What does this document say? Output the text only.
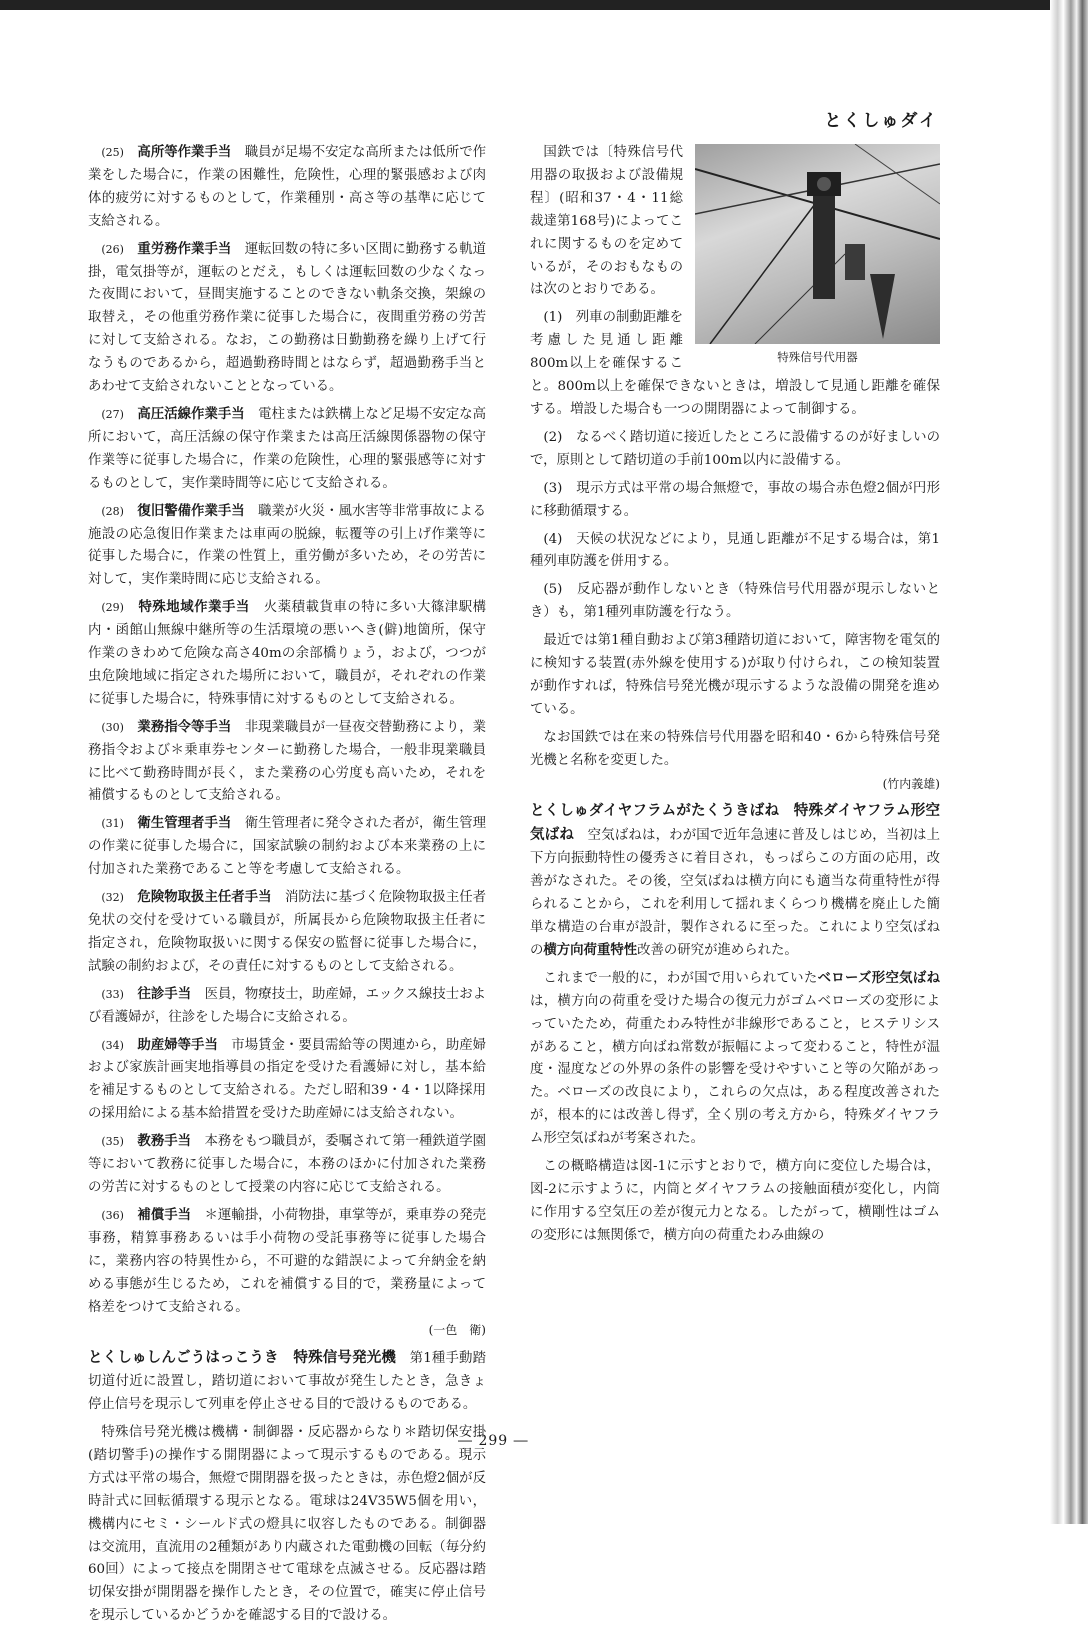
とくしゅダイ

(25)　 高所等作業手当　 職員が足場不安定な高所または低所で作業をした場合に，作業の困難性，危険性，心理的緊張感および肉体的疲労に対するものとして，作業種別・高さ等の基準に応じて支給される。

(26)　 重労務作業手当　 運転回数の特に多い区間に勤務する軌道掛，電気掛等が，運転のとだえ，もしくは運転回数の少なくなった夜間において，昼間実施することのできない軌条交換，架線の取替え，その他重労務作業に従事した場合に，夜間重労務の労苦に対して支給される。なお，この勤務は日勤勤務を繰り上げて行なうものであるから，超過勤務時間とはならず，超過勤務手当とあわせて支給されないこととなっている。

(27)　 高圧活線作業手当　 電柱または鉄構上など足場不安定な高所において，高圧活線の保守作業または高圧活線関係器物の保守作業等に従事した場合に，作業の危険性，心理的緊張感等に対するものとして，実作業時間等に応じて支給される。

(28)　 復旧警備作業手当　 職業が火災・風水害等非常事故による施設の応急復旧作業または車両の脱線，転覆等の引上げ作業等に従事した場合に，作業の性質上，重労働が多いため，その労苦に対して，実作業時間に応じ支給される。

(29)　 特殊地域作業手当　 火薬積載貨車の特に多い大篠津駅構内・函館山無線中継所等の生活環境の悪いへき(僻)地箇所，保守作業のきわめて危険な高さ40mの余部橋りょう，および，つつが虫危険地域に指定された場所において，職員が，それぞれの作業に従事した場合に，特殊事情に対するものとして支給される。

(30)　 業務指令等手当　 非現業職員が一昼夜交替勤務により，業務指令および＊乗車券センターに勤務した場合，一般非現業職員に比べて勤務時間が長く，また業務の心労度も高いため，それを補償するものとして支給される。

(31)　 衛生管理者手当　 衛生管理者に発令された者が，衛生管理の作業に従事した場合に，国家試験の制約および本来業務の上に付加された業務であること等を考慮して支給される。

(32)　 危険物取扱主任者手当　 消防法に基づく危険物取扱主任者免状の交付を受けている職員が，所属長から危険物取扱主任者に指定され，危険物取扱いに関する保安の監督に従事した場合に，試験の制約および，その責任に対するものとして支給される。

(33)　 往診手当　 医員，物療技士，助産婦，エックス線技士および看護婦が，往診をした場合に支給される。

(34)　 助産婦等手当　 市場賃金・要員需給等の関連から，助産婦および家族計画実地指導員の指定を受けた看護婦に対し，基本給を補足するものとして支給される。ただし昭和39・4・1以降採用の採用給による基本給措置を受けた助産婦には支給されない。

(35)　 教務手当　 本務をもつ職員が，委嘱されて第一種鉄道学園等において教務に従事した場合に，本務のほかに付加された業務の労苦に対するものとして授業の内容に応じて支給される。

(36)　 補償手当　 ＊運輸掛，小荷物掛，車掌等が，乗車券の発売事務，精算事務あるいは手小荷物の受託事務等に従事した場合に，業務内容の特異性から，不可避的な錯誤によって弁納金を納める事態が生じるため，これを補償する目的で，業務量によって格差をつけて支給される。
(一色　衛)

とくしゅしんごうはっこうき　特殊信号発光機　 第1種手動踏切道付近に設置し，踏切道において事故が発生したとき，急きょ停止信号を現示して列車を停止させる目的で設けるものである。

特殊信号発光機は機構・制御器・反応器からなり＊踏切保安掛(踏切警手)の操作する開閉器によって現示するものである。現示方式は平常の場合，無燈で開閉器を扱ったときは，赤色燈2個が反時計式に回転循環する現示となる。電球は24V35W5個を用い，機構内にセミ・シールド式の燈具に収容したものである。制御器は交流用，直流用の2種類があり内蔵された電動機の回転（毎分約60回）によって接点を開閉させて電球を点滅させる。反応器は踏切保安掛が開閉器を操作したとき，その位置で，確実に停止信号を現示しているかどうかを確認する目的で設ける。

特殊信号代用器

国鉄では〔特殊信号代用器の取扱および設備規程〕(昭和37・4・11総裁達第168号)によってこれに関するものを定めているが，そのおもなものは次のとおりである。

(1)　列車の制動距離を考慮した見通し距離800m以上を確保すること。800m以上を確保できないときは，増設して見通し距離を確保する。増設した場合も一つの開閉器によって制御する。

(2)　なるべく踏切道に接近したところに設備するのが好ましいので，原則として踏切道の手前100m以内に設備する。

(3)　現示方式は平常の場合無燈で，事故の場合赤色燈2個が円形に移動循環する。

(4)　天候の状況などにより，見通し距離が不足する場合は，第1種列車防護を併用する。

(5)　反応器が動作しないとき（特殊信号代用器が現示しないとき）も，第1種列車防護を行なう。

最近では第1種自動および第3種踏切道において，障害物を電気的に検知する装置(赤外線を使用する)が取り付けられ，この検知装置が動作すれば，特殊信号発光機が現示するような設備の開発を進めている。

なお国鉄では在来の特殊信号代用器を昭和40・6から特殊信号発光機と名称を変更した。
(竹内義雄)

とくしゅダイヤフラムがたくうきばね　特殊ダイヤフラム形空気ばね　 空気ばねは，わが国で近年急速に普及しはじめ，当初は上下方向振動特性の優秀さに着目され，もっぱらこの方面の応用，改善がなされた。その後，空気ばねは横方向にも適当な荷重特性が得られることから，これを利用して揺れまくらつり機構を廃止した簡単な構造の台車が設計，製作されるに至った。これにより空気ばねの横方向荷重特性改善の研究が進められた。

これまで一般的に，わが国で用いられていたベローズ形空気ばねは，横方向の荷重を受けた場合の復元力がゴムベローズの変形によっていたため，荷重たわみ特性が非線形であること，ヒステリシスがあること，横方向ばね常数が振幅によって変わること，特性が温度・湿度などの外界の条件の影響を受けやすいこと等の欠陥があった。ベローズの改良により，これらの欠点は，ある程度改善されたが，根本的には改善し得ず，全く別の考え方から，特殊ダイヤフラム形空気ばねが考案された。

この概略構造は図-1に示すとおりで，横方向に変位した場合は，図-2に示すように，内筒とダイヤフラムの接触面積が変化し，内筒に作用する空気圧の差が復元力となる。したがって，横剛性はゴムの変形には無関係で，横方向の荷重たわみ曲線の

― 299 ―
